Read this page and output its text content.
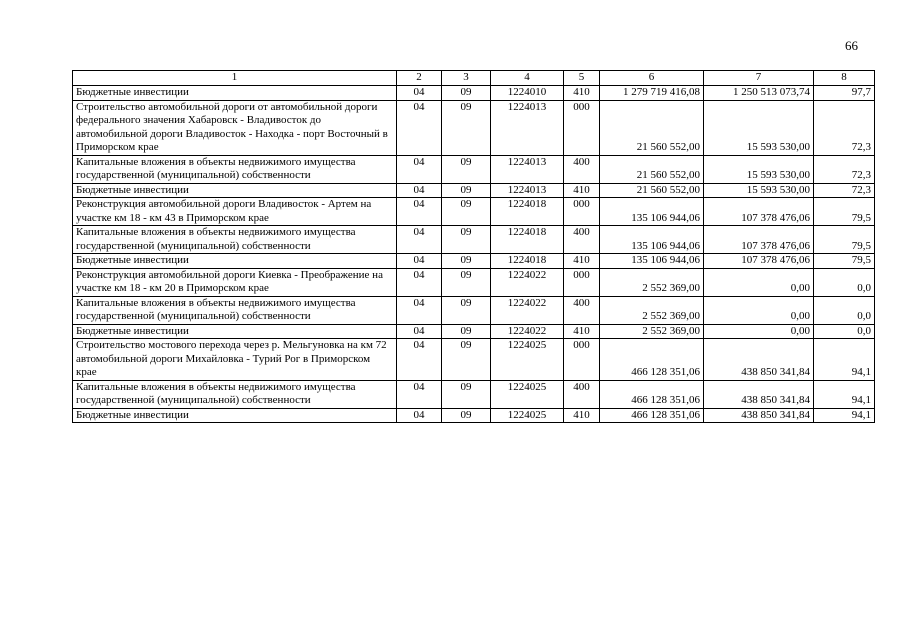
66
1	2	3	4	5	6	7	8
Бюджетные инвестиции	04	09	1224010	410	1 279 719 416,08	1 250 513 073,74	97,7
Строительство автомобильной дороги от автомобильной дороги федерального значения Хабаровск - Владивосток до автомобильной дороги Владивосток - Находка - порт Восточный в Приморском крае	04	09	1224013	000	21 560 552,00	15 593 530,00	72,3
Капитальные вложения в объекты недвижимого имущества государственной (муниципальной) собственности	04	09	1224013	400	21 560 552,00	15 593 530,00	72,3
Бюджетные инвестиции	04	09	1224013	410	21 560 552,00	15 593 530,00	72,3
Реконструкция автомобильной дороги Владивосток - Артем на участке км 18 - км 43 в Приморском крае	04	09	1224018	000	135 106 944,06	107 378 476,06	79,5
Капитальные вложения в объекты недвижимого имущества государственной (муниципальной) собственности	04	09	1224018	400	135 106 944,06	107 378 476,06	79,5
Бюджетные инвестиции	04	09	1224018	410	135 106 944,06	107 378 476,06	79,5
Реконструкция автомобильной дороги Киевка - Преображение на участке км 18 - км 20 в Приморском крае	04	09	1224022	000	2 552 369,00	0,00	0,0
Капитальные вложения в объекты недвижимого имущества государственной (муниципальной) собственности	04	09	1224022	400	2 552 369,00	0,00	0,0
Бюджетные инвестиции	04	09	1224022	410	2 552 369,00	0,00	0,0
Строительство мостового перехода через р. Мельгуновка на км 72 автомобильной дороги Михайловка - Турий Рог в Приморском крае	04	09	1224025	000	466 128 351,06	438 850 341,84	94,1
Капитальные вложения в объекты недвижимого имущества государственной (муниципальной) собственности	04	09	1224025	400	466 128 351,06	438 850 341,84	94,1
Бюджетные инвестиции	04	09	1224025	410	466 128 351,06	438 850 341,84	94,1
